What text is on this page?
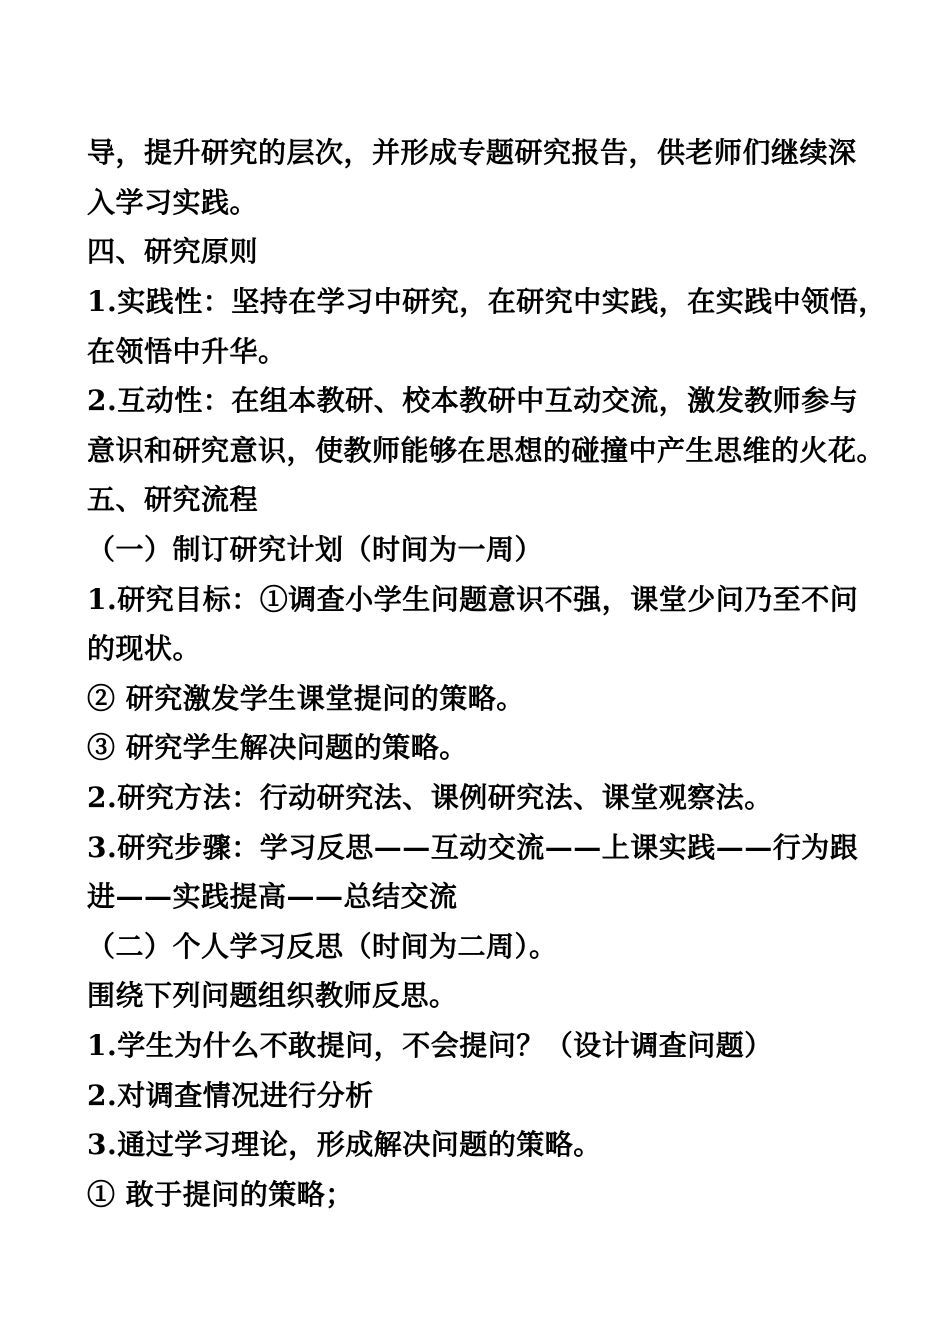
导，提升研究的层次，并形成专题研究报告，供老师们继续深
入学习实践。
四、研究原则
1.实践性：坚持在学习中研究，在研究中实践，在实践中领悟，
在领悟中升华。
2.互动性：在组本教研、校本教研中互动交流，激发教师参与
意识和研究意识，使教师能够在思想的碰撞中产生思维的火花。
五、研究流程
（一）制订研究计划（时间为一周）
1.研究目标：①调查小学生问题意识不强，课堂少问乃至不问
的现状。
② 研究激发学生课堂提问的策略。
③ 研究学生解决问题的策略。
2.研究方法：行动研究法、课例研究法、课堂观察法。
3.研究步骤：学习反思——互动交流——上课实践——行为跟
进——实践提高——总结交流
（二）个人学习反思（时间为二周）。
围绕下列问题组织教师反思。
1.学生为什么不敢提问，不会提问？（设计调查问题）
2.对调查情况进行分析
3.通过学习理论，形成解决问题的策略。
① 敢于提问的策略；
